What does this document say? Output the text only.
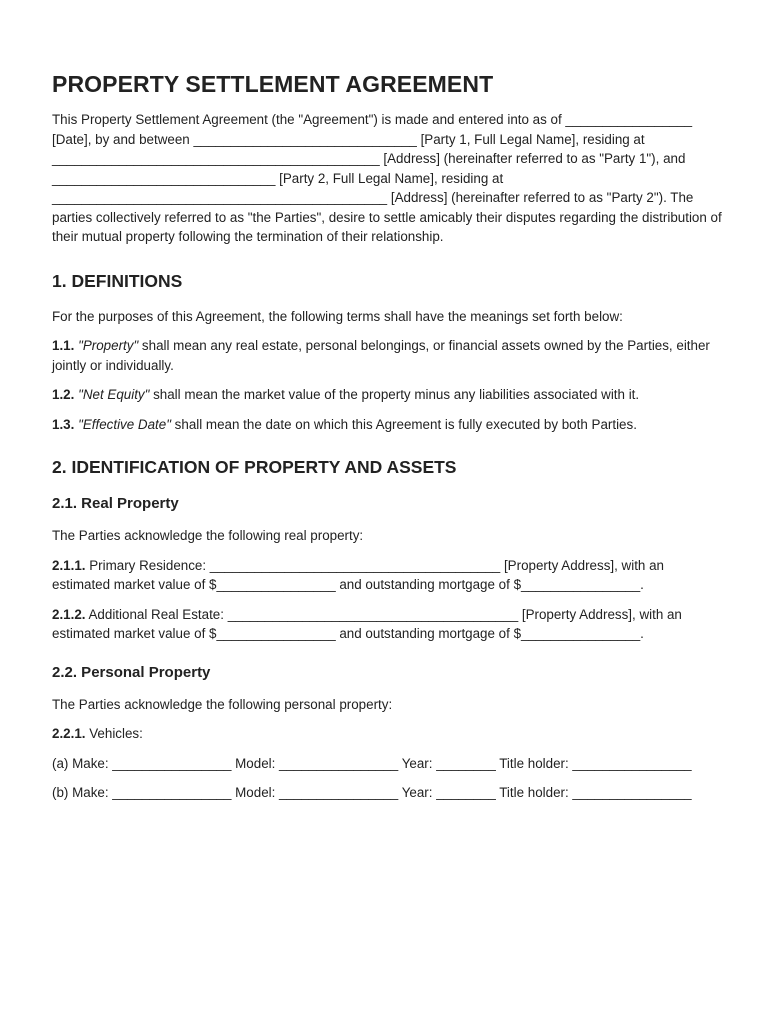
PROPERTY SETTLEMENT AGREEMENT

This Property Settlement Agreement (the "Agreement") is made and entered into as of _________________ [Date], by and between ______________________________ [Party 1, Full Legal Name], residing at ____________________________________________ [Address] (hereinafter referred to as "Party 1"), and ______________________________ [Party 2, Full Legal Name], residing at _____________________________________________ [Address] (hereinafter referred to as "Party 2"). The parties collectively referred to as "the Parties", desire to settle amicably their disputes regarding the distribution of their mutual property following the termination of their relationship.

1. DEFINITIONS

For the purposes of this Agreement, the following terms shall have the meanings set forth below:

1.1. "Property" shall mean any real estate, personal belongings, or financial assets owned by the Parties, either jointly or individually.

1.2. "Net Equity" shall mean the market value of the property minus any liabilities associated with it.

1.3. "Effective Date" shall mean the date on which this Agreement is fully executed by both Parties.

2. IDENTIFICATION OF PROPERTY AND ASSETS
2.1. Real Property

The Parties acknowledge the following real property:

2.1.1. Primary Residence: _______________________________________ [Property Address], with an estimated market value of $________________ and outstanding mortgage of $________________.

2.1.2. Additional Real Estate: _______________________________________ [Property Address], with an estimated market value of $________________ and outstanding mortgage of $________________.

2.2. Personal Property

The Parties acknowledge the following personal property:

2.2.1. Vehicles:

(a) Make: ________________ Model: ________________ Year: ________ Title holder: ________________

(b) Make: ________________ Model: ________________ Year: ________ Title holder: ________________
